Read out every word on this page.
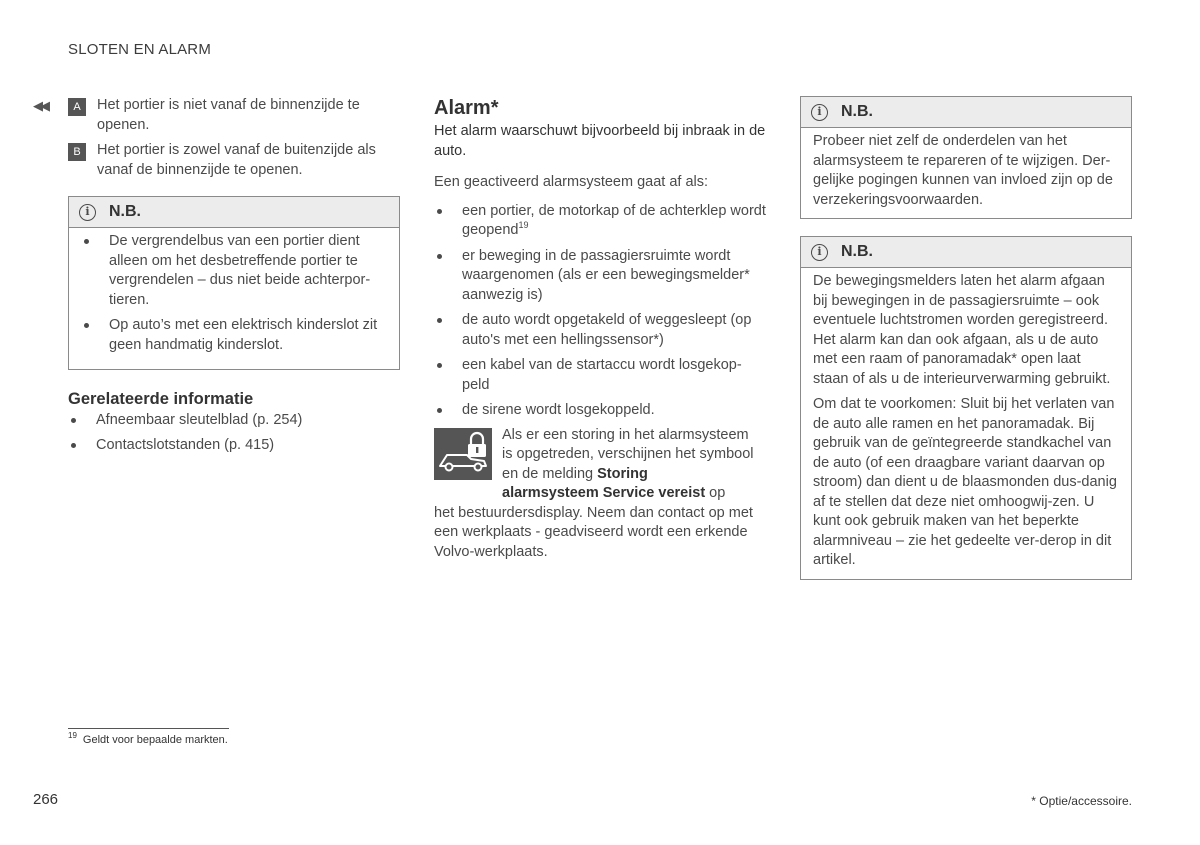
SLOTEN EN ALARM
◀◀	A	Het portier is niet vanaf de binnenzijde te openen.
B	Het portier is zowel vanaf de buitenzijde als vanaf de binnenzijde te openen.
i	N.B.
De vergrendelbus van een portier dient alleen om het desbetreffende portier te vergrendelen – dus niet beide achterpor-tieren.
Op auto’s met een elektrisch kinderslot zit geen handmatig kinderslot.
Gerelateerde informatie
Afneembaar sleutelblad (p. 254)
Contactslotstanden (p. 415)
Alarm*
Het alarm waarschuwt bijvoorbeeld bij inbraak in de auto.
Een geactiveerd alarmsysteem gaat af als:
een portier, de motorkap of de achterklep wordt geopend$^{19}$
er beweging in de passagiersruimte wordt waargenomen (als er een bewegingsmelder* aanwezig is)
de auto wordt opgetakeld of weggesleept (op auto's met een hellingssensor*)
een kabel van de startaccu wordt losgekop-peld
de sirene wordt losgekoppeld.

Als er een storing in het alarmsysteem

is opgetreden, verschijnen het symbool

en de melding Storing

alarmsysteem Service vereist op

het bestuurdersdisplay. Neem dan contact op met een werkplaats - geadviseerd wordt een erkende Volvo-werkplaats.

i	N.B.

Probeer niet zelf de onderdelen van het alarmsysteem te repareren of te wijzigen. Der-gelijke pogingen kunnen van invloed zijn op de verzekeringsvoorwaarden.

i	N.B.

De bewegingsmelders laten het alarm afgaan bij bewegingen in de passagiersruimte – ook eventuele luchtstromen worden geregistreerd. Het alarm kan dan ook afgaan, als u de auto met een raam of panoramadak* open laat staan of als u de interieurverwarming gebruikt.

Om dat te voorkomen: Sluit bij het verlaten van de auto alle ramen en het panoramadak. Bij gebruik van de geïntegreerde standkachel van de auto (of een draagbare variant daarvan op stroom) dan dient u de blaasmonden dus-danig af te stellen dat deze niet omhoogwij-zen. U kunt ook gebruik maken van het beperkte alarmniveau – zie het gedeelte ver-derop in dit artikel.

$^{19}$ Geldt voor bepaalde markten.
266	* Optie/accessoire.
